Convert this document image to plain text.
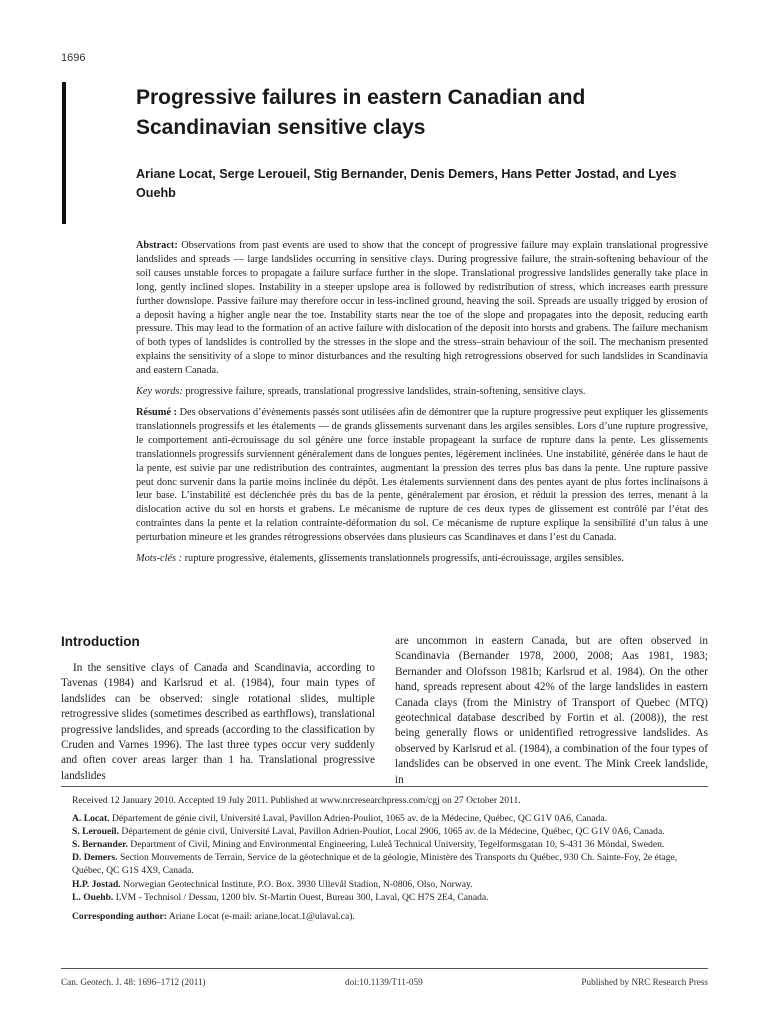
1696
Progressive failures in eastern Canadian and Scandinavian sensitive clays
Ariane Locat, Serge Leroueil, Stig Bernander, Denis Demers, Hans Petter Jostad, and Lyes Ouehb

Abstract: Observations from past events are used to show that the concept of progressive failure may explain translational progressive landslides and spreads — large landslides occurring in sensitive clays. During progressive failure, the strain-softening behaviour of the soil causes unstable forces to propagate a failure surface further in the slope. Translational progressive landslides generally take place in long, gently inclined slopes. Instability in a steeper upslope area is followed by redistribution of stress, which increases earth pressure further downslope. Passive failure may therefore occur in less-inclined ground, heaving the soil. Spreads are usually trigged by erosion of a deposit having a higher angle near the toe. Instability starts near the toe of the slope and propagates into the deposit, reducing earth pressure. This may lead to the formation of an active failure with dislocation of the deposit into horsts and grabens. The failure mechanism of both types of landslides is controlled by the stresses in the slope and the stress–strain behaviour of the soil. The mechanism presented explains the sensitivity of a slope to minor disturbances and the resulting high retrogressions observed for such landslides in Scandinavia and eastern Canada.

Key words: progressive failure, spreads, translational progressive landslides, strain-softening, sensitive clays.

Résumé : Des observations d’évènements passés sont utilisées afin de démontrer que la rupture progressive peut expliquer les glissements translationnels progressifs et les étalements — de grands glissements survenant dans les argiles sensibles. Lors d’une rupture progressive, le comportement anti-écrouissage du sol génère une force instable propageant la surface de rupture dans la pente. Les glissements translationnels progressifs surviennent généralement dans de longues pentes, légèrement inclinées. Une instabilité, générée dans le haut de la pente, est suivie par une redistribution des contraintes, augmentant la pression des terres plus bas dans la pente. Une rupture passive peut donc survenir dans la partie moins inclinée du dépôt. Les étalements surviennent dans des pentes ayant de plus fortes inclinaisons à leur base. L’instabilité est déclenchée près du bas de la pente, généralement par érosion, et réduit la pression des terres, menant à la dislocation active du sol en horsts et grabens. Le mécanisme de rupture de ces deux types de glissement est contrôlé par l’état des contraintes dans la pente et la relation contrainte-déformation du sol. Ce mécanisme de rupture explique la sensibilité d’un talus à une perturbation mineure et les grandes rétrogressions observées dans plusieurs cas Scandinaves et dans l’est du Canada.

Mots-clés : rupture progressive, étalements, glissements translationnels progressifs, anti-écrouissage, argiles sensibles.

Introduction

In the sensitive clays of Canada and Scandinavia, according to Tavenas (1984) and Karlsrud et al. (1984), four main types of landslides can be observed: single rotational slides, multiple retrogressive slides (sometimes described as earthflows), translational progressive landslides, and spreads (according to the classification by Cruden and Varnes 1996). The last three types occur very suddenly and often cover areas larger than 1 ha. Translational progressive landslides

are uncommon in eastern Canada, but are often observed in Scandinavia (Bernander 1978, 2000, 2008; Aas 1981, 1983; Bernander and Olofsson 1981b; Karlsrud et al. 1984). On the other hand, spreads represent about 42% of the large landslides in eastern Canada clays (from the Ministry of Transport of Quebec (MTQ) geotechnical database described by Fortin et al. (2008)), the rest being generally flows or unidentified retrogressive landslides. As observed by Karlsrud et al. (1984), a combination of the four types of landslides can be observed in one event. The Mink Creek landslide, in

Received 12 January 2010. Accepted 19 July 2011. Published at www.nrcresearchpress.com/cgj on 27 October 2011.

A. Locat. Département de génie civil, Université Laval, Pavillon Adrien-Pouliot, 1065 av. de la Médecine, Québec, QC G1V 0A6, Canada.

S. Leroueil. Département de génie civil, Université Laval, Pavillon Adrien-Pouliot, Local 2906, 1065 av. de la Médecine, Québec, QC G1V 0A6, Canada.

S. Bernander. Department of Civil, Mining and Environmental Engineering, Luleå Technical University, Tegelformsgatan 10, S-431 36 Möndal, Sweden.

D. Demers. Section Mouvements de Terrain, Service de la géotechnique et de la géologie, Ministère des Transports du Québec, 930 Ch. Sainte-Foy, 2e étage, Québec, QC G1S 4X9, Canada.

H.P. Jostad. Norwegian Geotechnical Institute, P.O. Box. 3930 Ullevål Stadion, N-0806, Olso, Norway.

L. Ouehb. LVM - Technisol / Dessau, 1200 blv. St-Martin Ouest, Bureau 300, Laval, QC H7S 2E4, Canada.

Corresponding author: Ariane Locat (e-mail: ariane.locat.1@ulaval.ca).

Can. Geotech. J. 48: 1696–1712 (2011)	doi:10.1139/T11-059	Published by NRC Research Press
